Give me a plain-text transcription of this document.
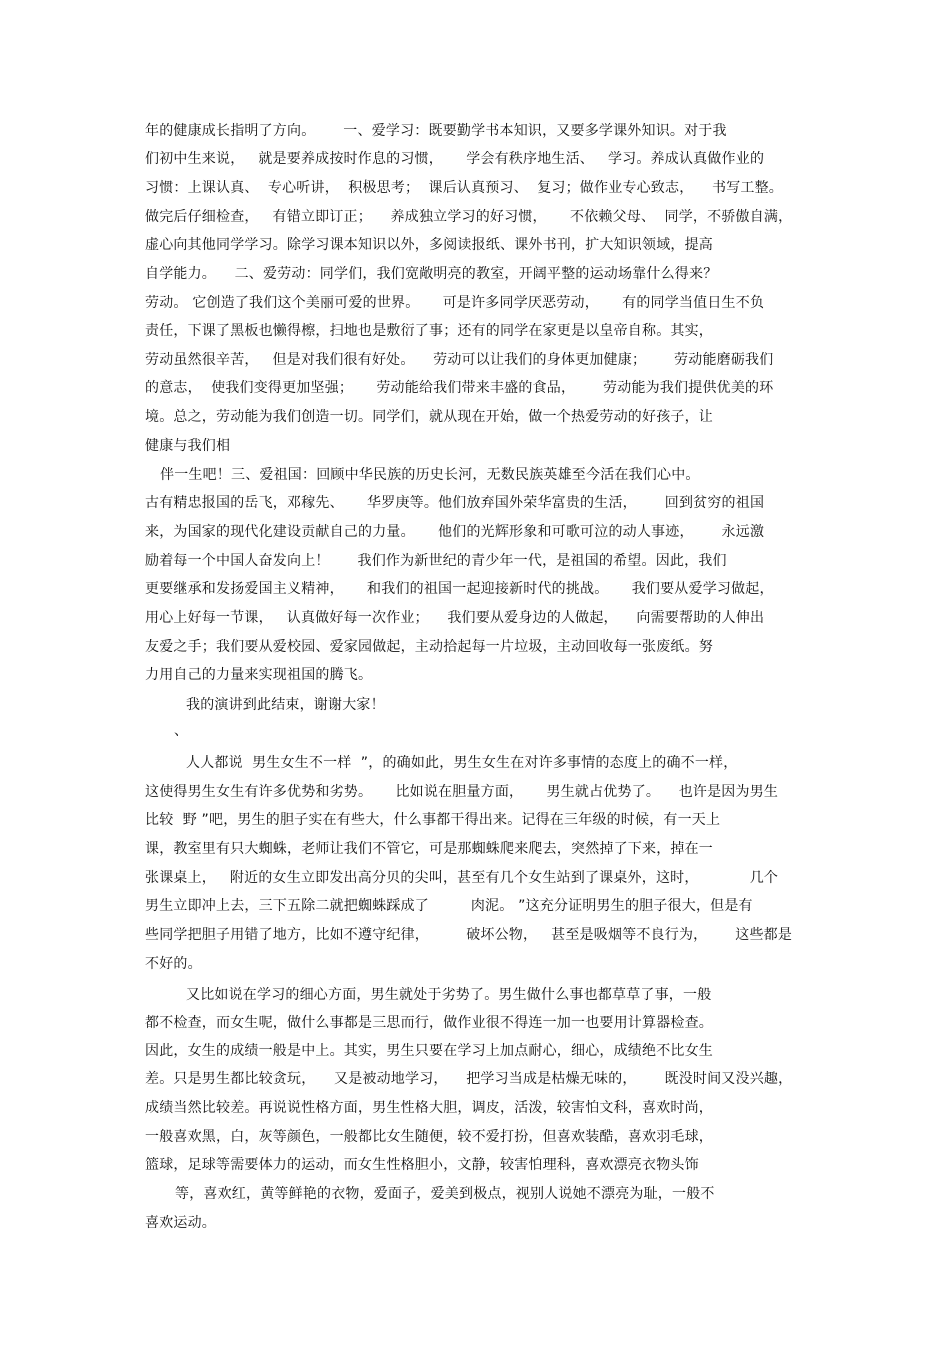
年的健康成长指明了方向。      一、爱学习：既要勤学书本知识，又要多学课外知识。对于我
们初中生来说，   就是要养成按时作息的习惯，     学会有秩序地生活、   学习。养成认真做作业的
习惯：上课认真、  专心听讲，  积极思考；  课后认真预习、  复习；做作业专心致志，    书写工整。
做完后仔细检查，   有错立即订正；    养成独立学习的好习惯，     不依赖父母、  同学，不骄傲自满，
虚心向其他同学学习。除学习课本知识以外，多阅读报纸、课外书刊，扩大知识领域，提高
自学能力。    二、爱劳动：同学们，我们宽敞明亮的教室，开阔平整的运动场靠什么得来？
劳动。 它创造了我们这个美丽可爱的世界。     可是许多同学厌恶劳动，     有的同学当值日生不负
责任，下课了黑板也懒得檫，扫地也是敷衍了事；还有的同学在家更是以皇帝自称。其实，
劳动虽然很辛苦，   但是对我们很有好处。    劳动可以让我们的身体更加健康；      劳动能磨砺我们
的意志，  使我们变得更加坚强；     劳动能给我们带来丰盛的食品，      劳动能为我们提供优美的环
境。总之，劳动能为我们创造一切。同学们，就从现在开始，做一个热爱劳动的好孩子，让
健康与我们相
伴一生吧！三、爱祖国：回顾中华民族的历史长河，无数民族英雄至今活在我们心中。
古有精忠报国的岳飞，邓稼先、     华罗庚等。他们放弃国外荣华富贵的生活，      回到贫穷的祖国
来，为国家的现代化建设贡献自己的力量。     他们的光辉形象和可歌可泣的动人事迹，      永远激
励着每一个中国人奋发向上！      我们作为新世纪的青少年一代，是祖国的希望。因此，我们
更要继承和发扬爱国主义精神，     和我们的祖国一起迎接新时代的挑战。     我们要从爱学习做起，
用心上好每一节课，   认真做好每一次作业；    我们要从爱身边的人做起，    向需要帮助的人伸出
友爱之手；我们要从爱校园、爱家园做起，主动拾起每一片垃圾，主动回收每一张废纸。努
力用自己的力量来实现祖国的腾飞。
我的演讲到此结束，谢谢大家！
、
人人都说  男生女生不一样  ”，的确如此，男生女生在对许多事情的态度上的确不一样，
这使得男生女生有许多优势和劣势。     比如说在胆量方面，     男生就占优势了。    也许是因为男生
比较  野 ”吧，男生的胆子实在有些大，什么事都干得出来。记得在三年级的时候，有一天上
课，教室里有只大蜘蛛，老师让我们不管它，可是那蜘蛛爬来爬去，突然掉了下来，掉在一
张课桌上，   附近的女生立即发出高分贝的尖叫，甚至有几个女生站到了课桌外，这时，           几个
男生立即冲上去，三下五除二就把蜘蛛踩成了         肉泥。 ”这充分证明男生的胆子很大，但是有
些同学把胆子用错了地方，比如不遵守纪律，        破坏公物，   甚至是吸烟等不良行为，      这些都是
不好的。
又比如说在学习的细心方面，男生就处于劣势了。男生做什么事也都草草了事，一般
都不检查，而女生呢，做什么事都是三思而行，做作业很不得连一加一也要用计算器检查。
因此，女生的成绩一般是中上。其实，男生只要在学习上加点耐心，细心，成绩绝不比女生
差。只是男生都比较贪玩，    又是被动地学习，    把学习当成是枯燥无味的，      既没时间又没兴趣，
成绩当然比较差。再说说性格方面，男生性格大胆，调皮，活泼，较害怕文科，喜欢时尚，
一般喜欢黑，白，灰等颜色，一般都比女生随便，较不爱打扮，但喜欢装酷，喜欢羽毛球，
篮球，足球等需要体力的运动，而女生性格胆小，文静，较害怕理科，喜欢漂亮衣物头饰
等，喜欢红，黄等鲜艳的衣物，爱面子，爱美到极点，视别人说她不漂亮为耻，一般不
喜欢运动。
